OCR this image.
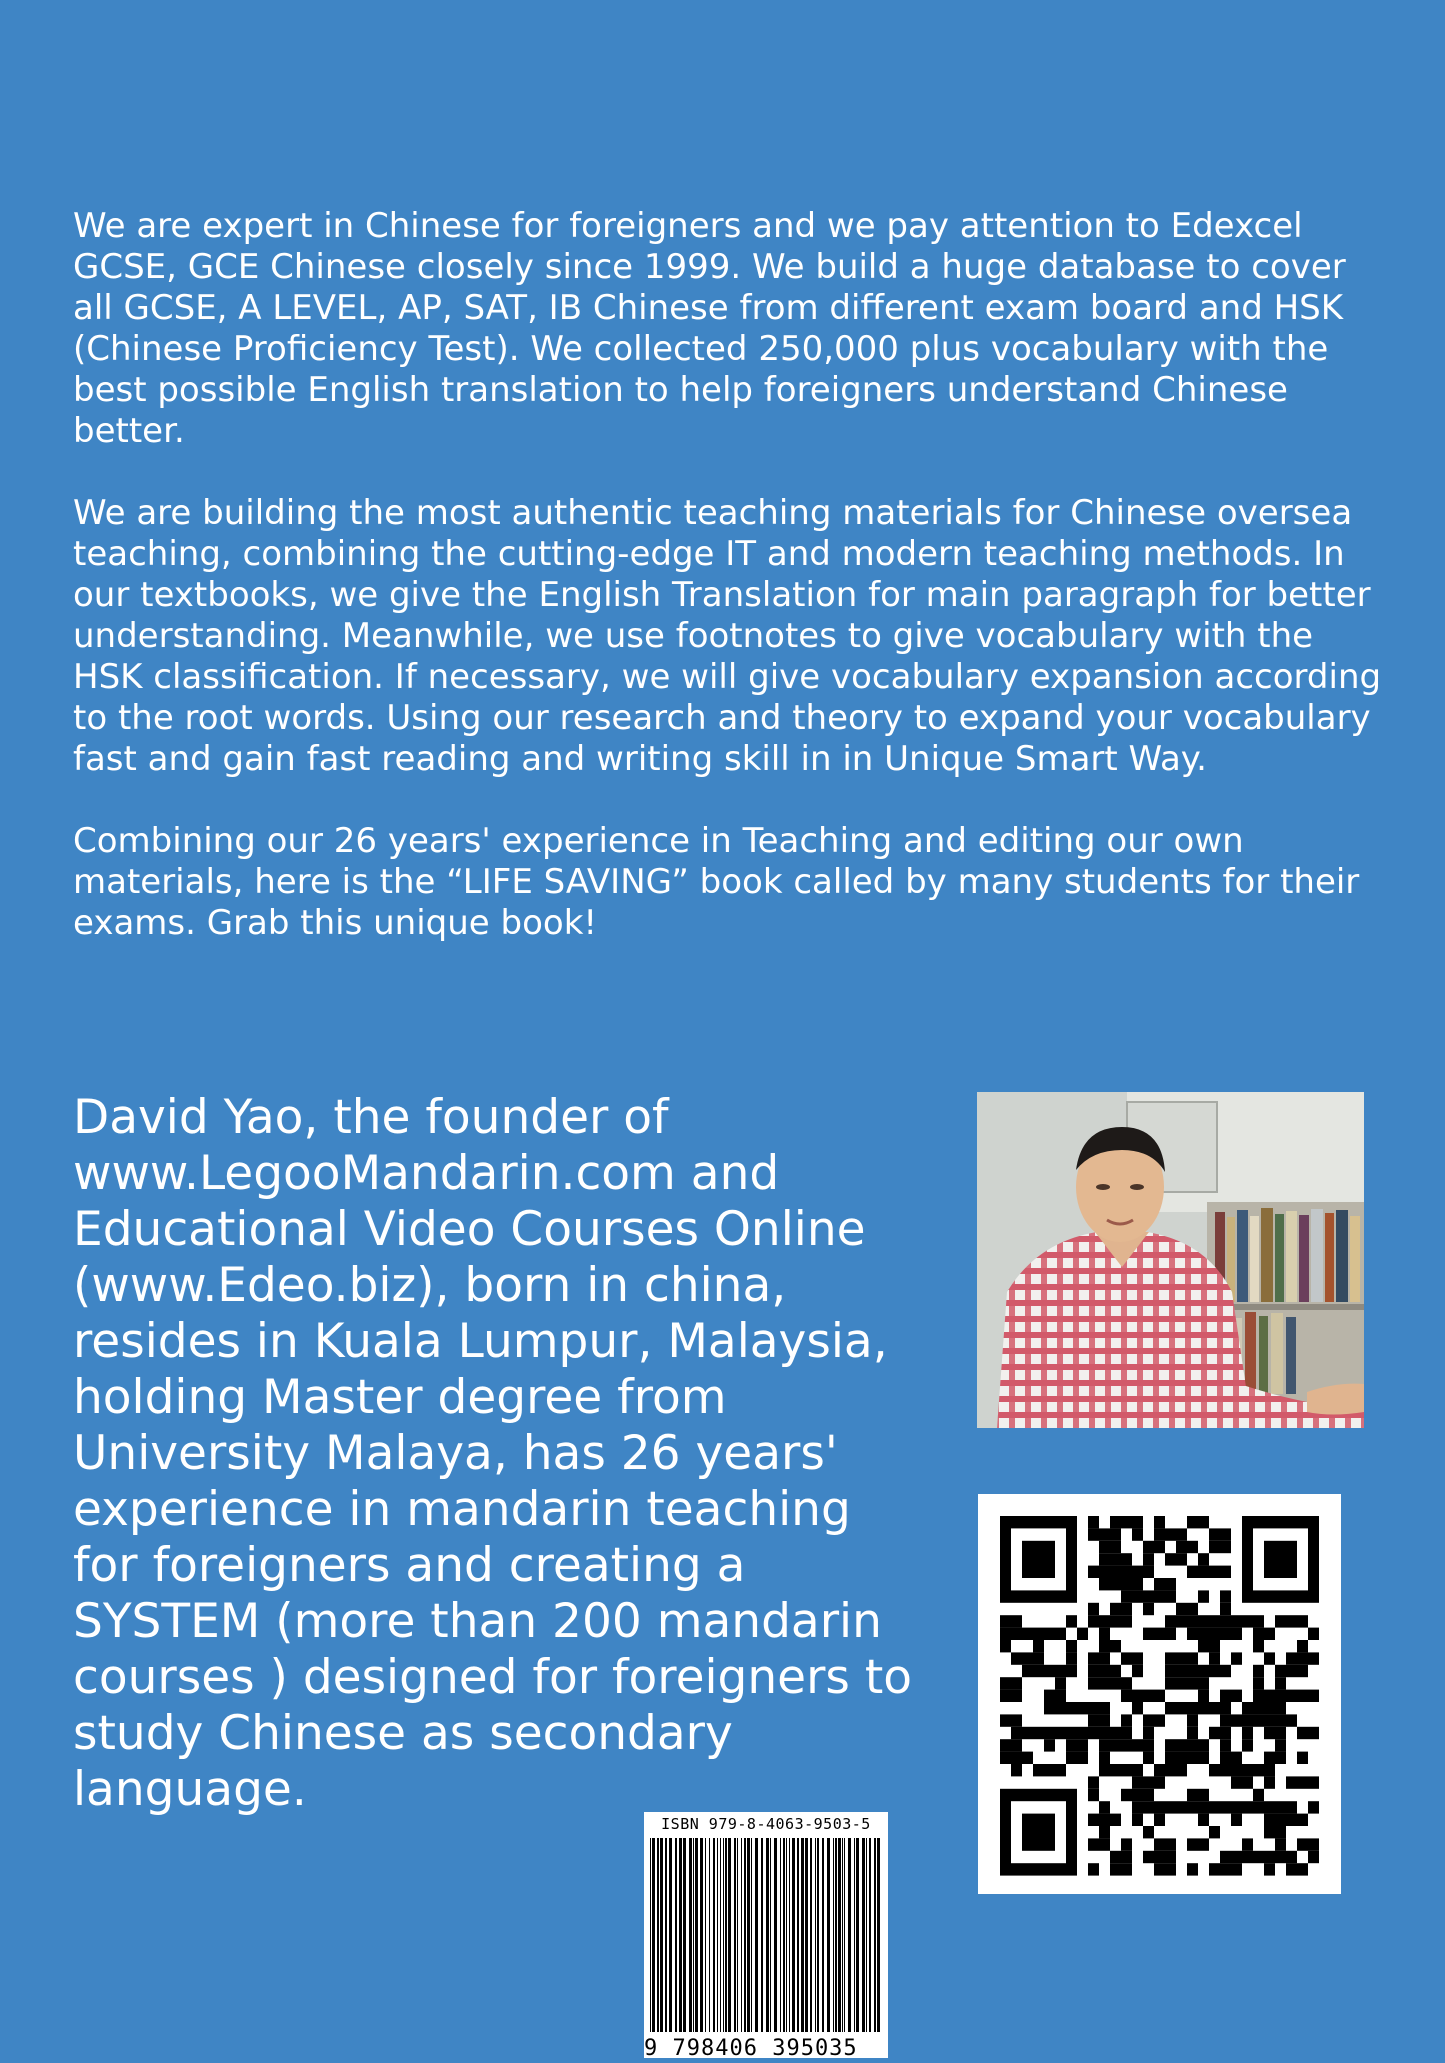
We are expert in Chinese for foreigners and we pay attention to Edexcel GCSE, GCE Chinese closely since 1999. We build a huge database to cover all GCSE, A LEVEL, AP, SAT, IB Chinese from different exam board and HSK (Chinese Proficiency Test). We collected 250,000 plus vocabulary with the best possible English translation to help foreigners understand Chinese better.

We are building the most authentic teaching materials for Chinese oversea teaching, combining the cutting-edge IT and modern teaching methods. In our textbooks, we give the English Translation for main paragraph for better understanding. Meanwhile, we use footnotes to give vocabulary with the HSK classification. If necessary, we will give vocabulary expansion according to the root words. Using our research and theory to expand your vocabulary fast and gain fast reading and writing skill in in Unique Smart Way.

Combining our 26 years' experience in Teaching and editing our own materials, here is the “LIFE SAVING” book called by many students for their exams. Grab this unique book!

David Yao, the founder of www.LegooMandarin.com and Educational Video Courses Online (www.Edeo.biz), born in china, resides in Kuala Lumpur, Malaysia, holding Master degree from University Malaya, has 26 years' experience in mandarin teaching for foreigners and creating a SYSTEM (more than 200 mandarin courses ) designed for foreigners to study Chinese as secondary language.
ISBN 979-8-4063-9503-5
9 798406 395035
